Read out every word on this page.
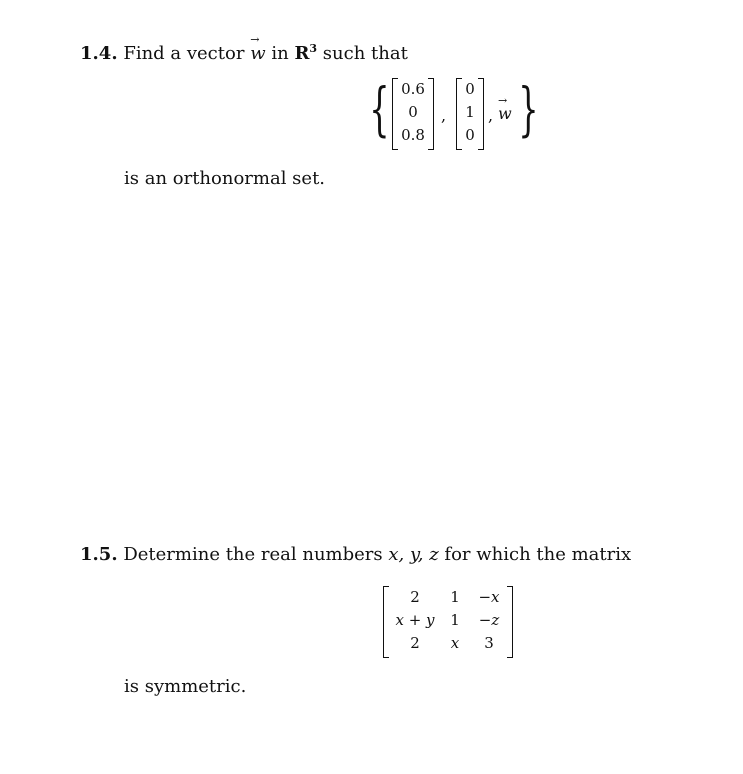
1.4. Find a vector → w in $R^3$ such that
{ 0.6
0
0.8
,
0
1
0
, → w }
is an orthonormal set.
1.5. Determine the real numbers x, y, z for which the matrix
2	1	−x
x + y	1	−z
2	x	3
is symmetric.
